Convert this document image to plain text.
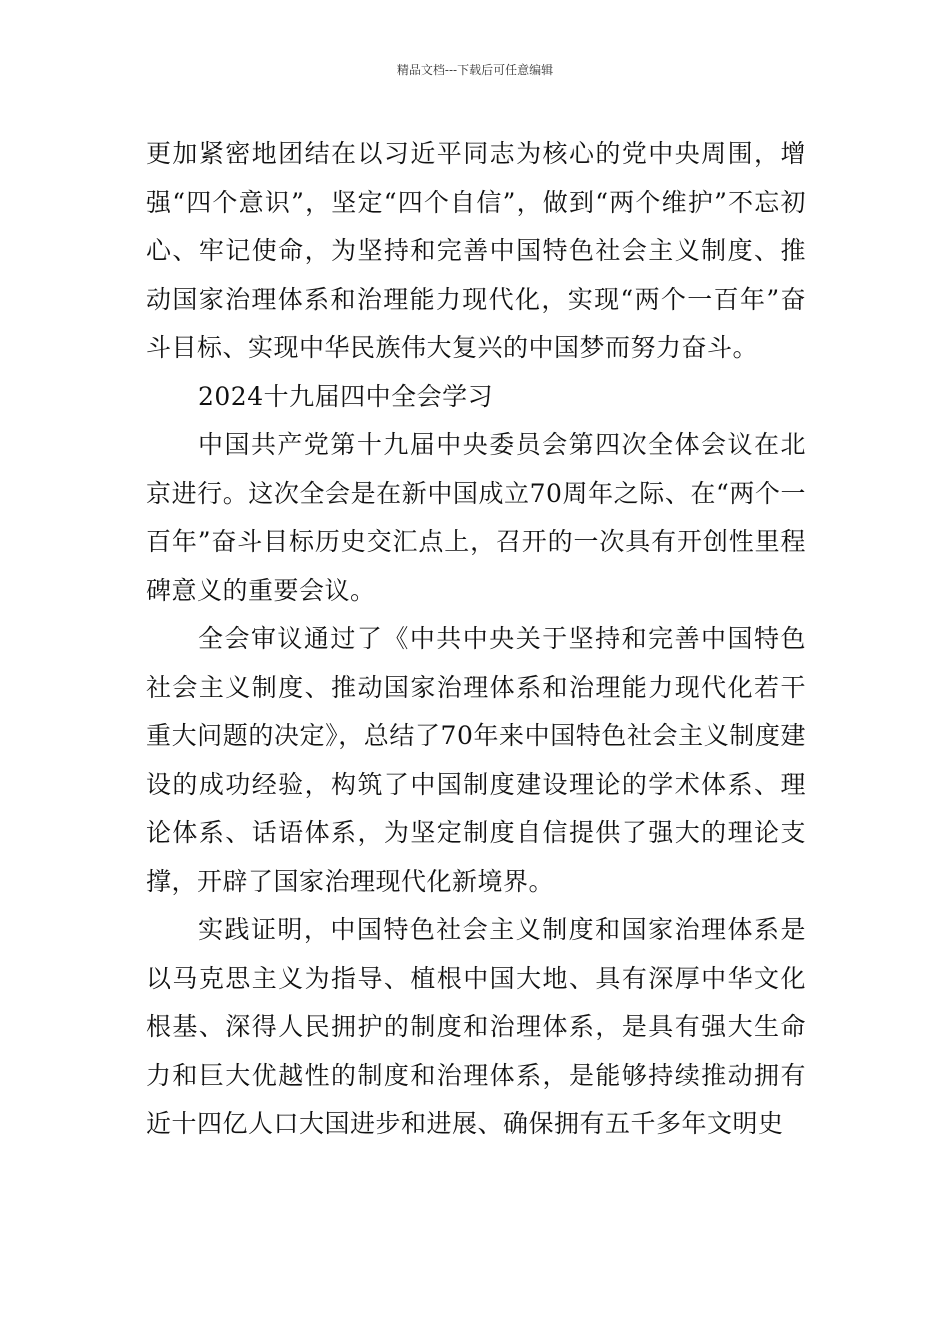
精品文档---下载后可任意编辑

更加紧密地团结在以习近平同志为核心的党中央周围，增强“四个意识”，坚定“四个自信”，做到“两个维护”不忘初心、牢记使命，为坚持和完善中国特色社会主义制度、推动国家治理体系和治理能力现代化，实现“两个一百年”奋斗目标、实现中华民族伟大复兴的中国梦而努力奋斗。

2024十九届四中全会学习

中国共产党第十九届中央委员会第四次全体会议在北京进行。这次全会是在新中国成立70周年之际、在“两个一百年”奋斗目标历史交汇点上，召开的一次具有开创性里程碑意义的重要会议。

全会审议通过了《中共中央关于坚持和完善中国特色社会主义制度、推动国家治理体系和治理能力现代化若干重大问题的决定》，总结了70年来中国特色社会主义制度建设的成功经验，构筑了中国制度建设理论的学术体系、理论体系、话语体系，为坚定制度自信提供了强大的理论支撑，开辟了国家治理现代化新境界。

实践证明，中国特色社会主义制度和国家治理体系是以马克思主义为指导、植根中国大地、具有深厚中华文化根基、深得人民拥护的制度和治理体系，是具有强大生命力和巨大优越性的制度和治理体系，是能够持续推动拥有近十四亿人口大国进步和进展、确保拥有五千多年文明史
